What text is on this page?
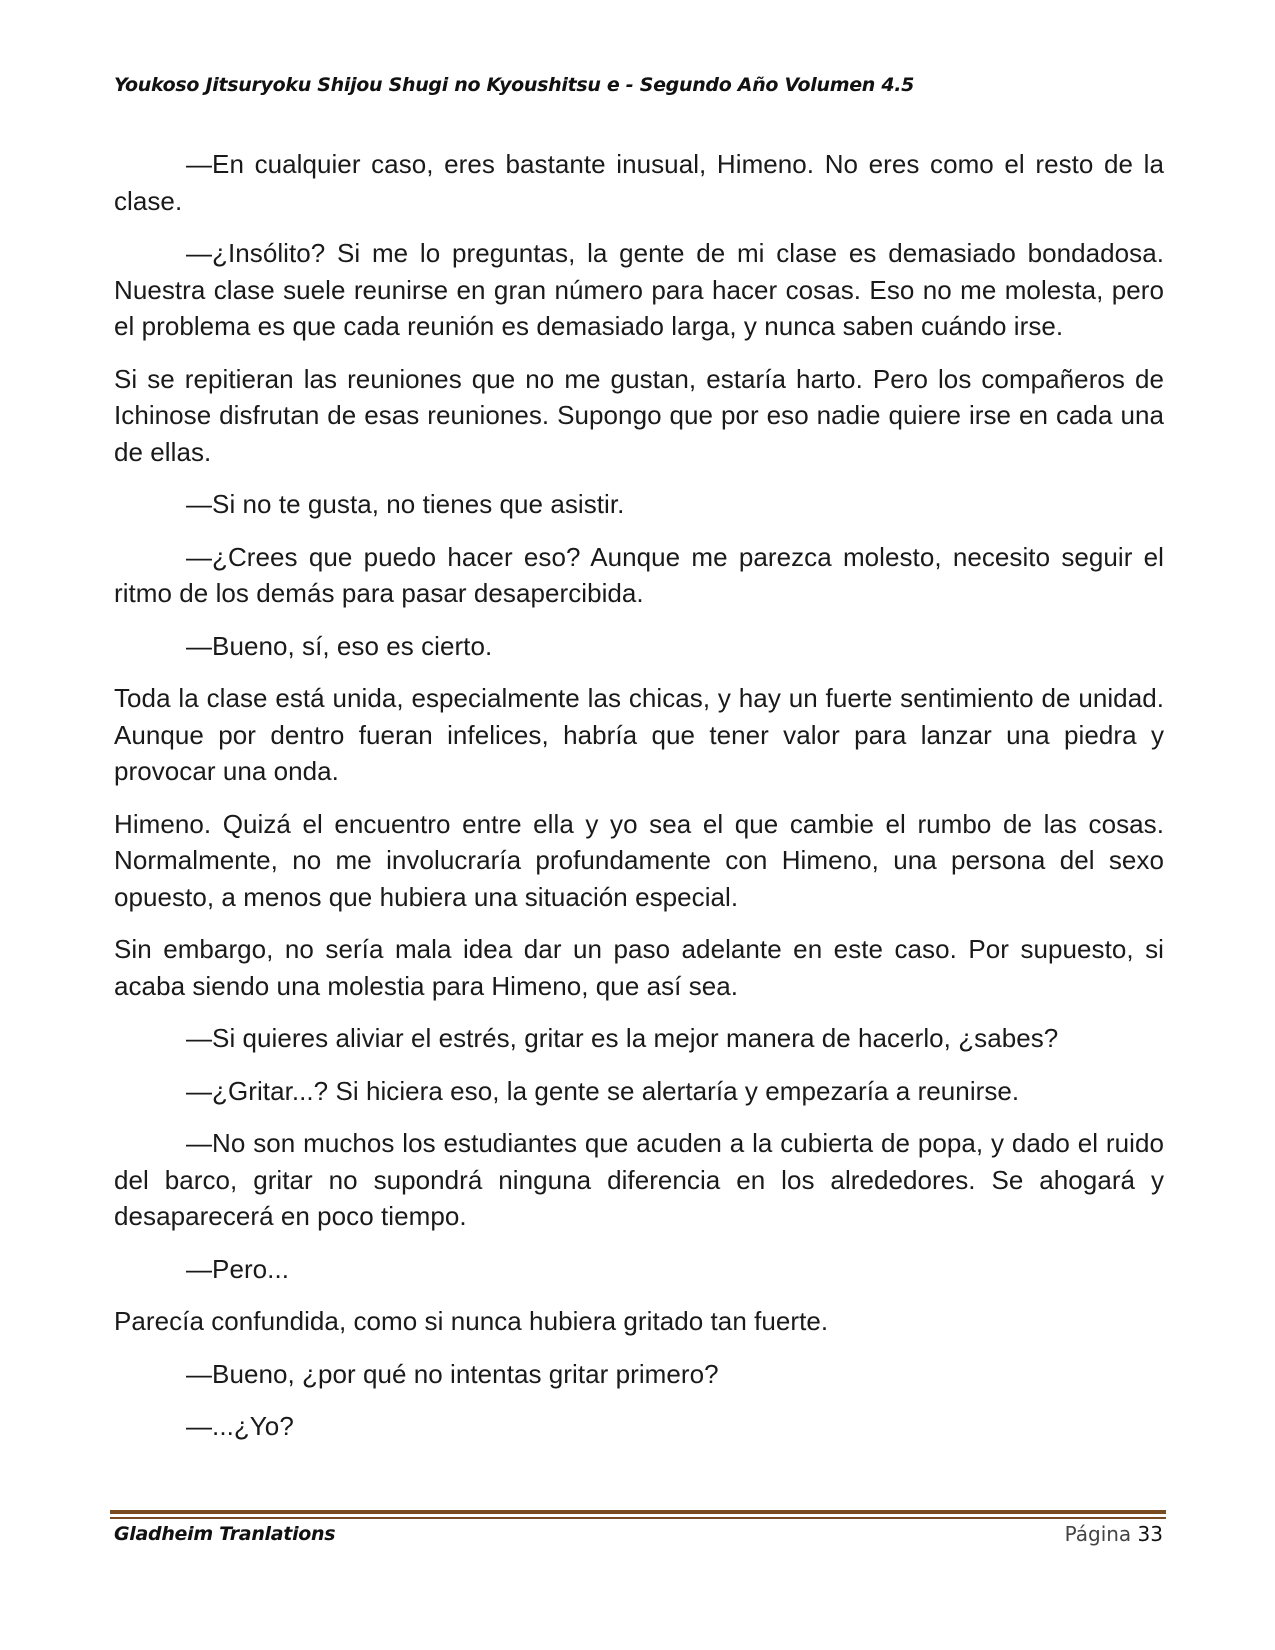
Youkoso Jitsuryoku Shijou Shugi no Kyoushitsu e - Segundo Año Volumen 4.5

—En cualquier caso, eres bastante inusual, Himeno. No eres como el resto de la clase.

—¿Insólito? Si me lo preguntas, la gente de mi clase es demasiado bondadosa. Nuestra clase suele reunirse en gran número para hacer cosas. Eso no me molesta, pero el problema es que cada reunión es demasiado larga, y nunca saben cuándo irse.

Si se repitieran las reuniones que no me gustan, estaría harto. Pero los compañeros de Ichinose disfrutan de esas reuniones. Supongo que por eso nadie quiere irse en cada una de ellas.

—Si no te gusta, no tienes que asistir.

—¿Crees que puedo hacer eso? Aunque me parezca molesto, necesito seguir el ritmo de los demás para pasar desapercibida.

—Bueno, sí, eso es cierto.

Toda la clase está unida, especialmente las chicas, y hay un fuerte sentimiento de unidad. Aunque por dentro fueran infelices, habría que tener valor para lanzar una piedra y provocar una onda.

Himeno. Quizá el encuentro entre ella y yo sea el que cambie el rumbo de las cosas. Normalmente, no me involucraría profundamente con Himeno, una persona del sexo opuesto, a menos que hubiera una situación especial.

Sin embargo, no sería mala idea dar un paso adelante en este caso. Por supuesto, si acaba siendo una molestia para Himeno, que así sea.

—Si quieres aliviar el estrés, gritar es la mejor manera de hacerlo, ¿sabes?

—¿Gritar...? Si hiciera eso, la gente se alertaría y empezaría a reunirse.

—No son muchos los estudiantes que acuden a la cubierta de popa, y dado el ruido del barco, gritar no supondrá ninguna diferencia en los alrededores. Se ahogará y desaparecerá en poco tiempo.

—Pero...

Parecía confundida, como si nunca hubiera gritado tan fuerte.

—Bueno, ¿por qué no intentas gritar primero?

—...¿Yo?

Gladheim Tranlations	Página 33
